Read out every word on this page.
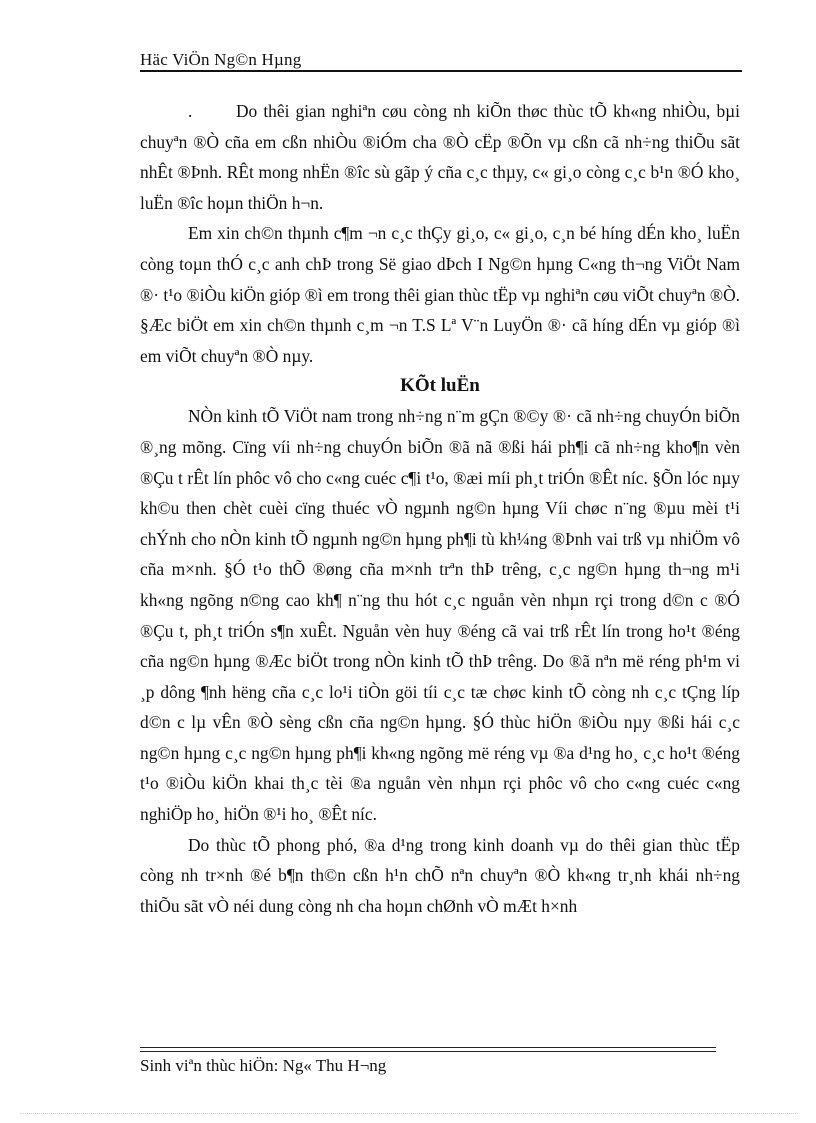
Häc ViÖn Ng©n Hµng

.	Do thêi gian nghiªn cøu còng nh kiÕn thøc thùc tÕ kh«ng nhiÒu, bµi chuyªn ®Ò cña em cßn nhiÒu ®iÓm cha ®Ò cËp ®Õn vµ cßn cã nh÷ng thiÕu sãt nhÊt ®Þnh. RÊt mong nhËn ®îc sù gãp ý cña c¸c thµy, c« gi¸o còng c¸c b¹n ®Ó kho¸ luËn ®îc hoµn thiÖn h¬n.

Em xin ch©n thµnh c¶m ¬n c¸c thÇy gi¸o, c« gi¸o, c¸n bé híng dÉn kho¸ luËn còng toµn thÓ c¸c anh chÞ trong Së giao dÞch I Ng©n hµng C«ng th¬ng ViÖt Nam ®· t¹o ®iÒu kiÖn gióp ®ì em trong thêi gian thùc tËp vµ nghiªn cøu viÕt chuyªn ®Ò. §Æc biÖt em xin ch©n thµnh c¸m ¬n T.S Lª V¨n LuyÖn ®· cã híng dÉn vµ gióp ®ì em viÕt chuyªn ®Ò nµy.

KÕt luËn

NÒn kinh tÕ ViÖt nam trong nh÷ng n¨m gÇn ®©y ®· cã nh÷ng chuyÓn biÕn ®¸ng mõng. Cïng víi nh÷ng chuyÓn biÕn ®ã nã ®ßi hái ph¶i cã nh÷ng kho¶n vèn ®Çu t rÊt lín phôc vô cho c«ng cuéc c¶i t¹o, ®æi míi ph¸t triÓn ®Êt níc. §Õn lóc nµy kh©u then chèt cuèi cïng thuéc vÒ ngµnh ng©n hµng Víi chøc n¨ng ®µu mèi t¹i chÝnh cho nÒn kinh tÕ ngµnh ng©n hµng ph¶i tù kh¼ng ®Þnh vai trß vµ nhiÖm vô cña m×nh. §Ó t¹o thÕ ®øng cña m×nh trªn thÞ trêng, c¸c ng©n hµng th¬ng m¹i kh«ng ngõng n©ng cao kh¶ n¨ng thu hót c¸c nguån vèn nhµn rçi trong d©n c ®Ó ®Çu t, ph¸t triÓn s¶n xuÊt. Nguån vèn huy ®éng cã vai trß rÊt lín trong ho¹t ®éng cña ng©n hµng ®Æc biÖt trong nÒn kinh tÕ thÞ trêng. Do ®ã nªn më réng ph¹m vi ¸p dông ¶nh hëng cña c¸c lo¹i tiÒn göi tíi c¸c tæ chøc kinh tÕ còng nh c¸c tÇng líp d©n c lµ vÊn ®Ò sèng cßn cña ng©n hµng. §Ó thùc hiÖn ®iÒu nµy ®ßi hái c¸c ng©n hµng c¸c ng©n hµng ph¶i kh«ng ngõng më réng vµ ®a d¹ng ho¸ c¸c ho¹t ®éng t¹o ®iÒu kiÖn khai th¸c tèi ®a nguån vèn nhµn rçi phôc vô cho c«ng cuéc c«ng nghiÖp ho¸ hiÖn ®¹i ho¸ ®Êt níc.

Do thùc tÕ phong phó, ®a d¹ng trong kinh doanh vµ do thêi gian thùc tËp còng nh tr×nh ®é b¶n th©n cßn h¹n chÕ nªn chuyªn ®Ò kh«ng tr¸nh khái nh÷ng thiÕu sãt vÒ néi dung còng nh cha hoµn chØnh vÒ mÆt h×nh

Sinh viªn thùc hiÖn: Ng« Thu H¬ng
